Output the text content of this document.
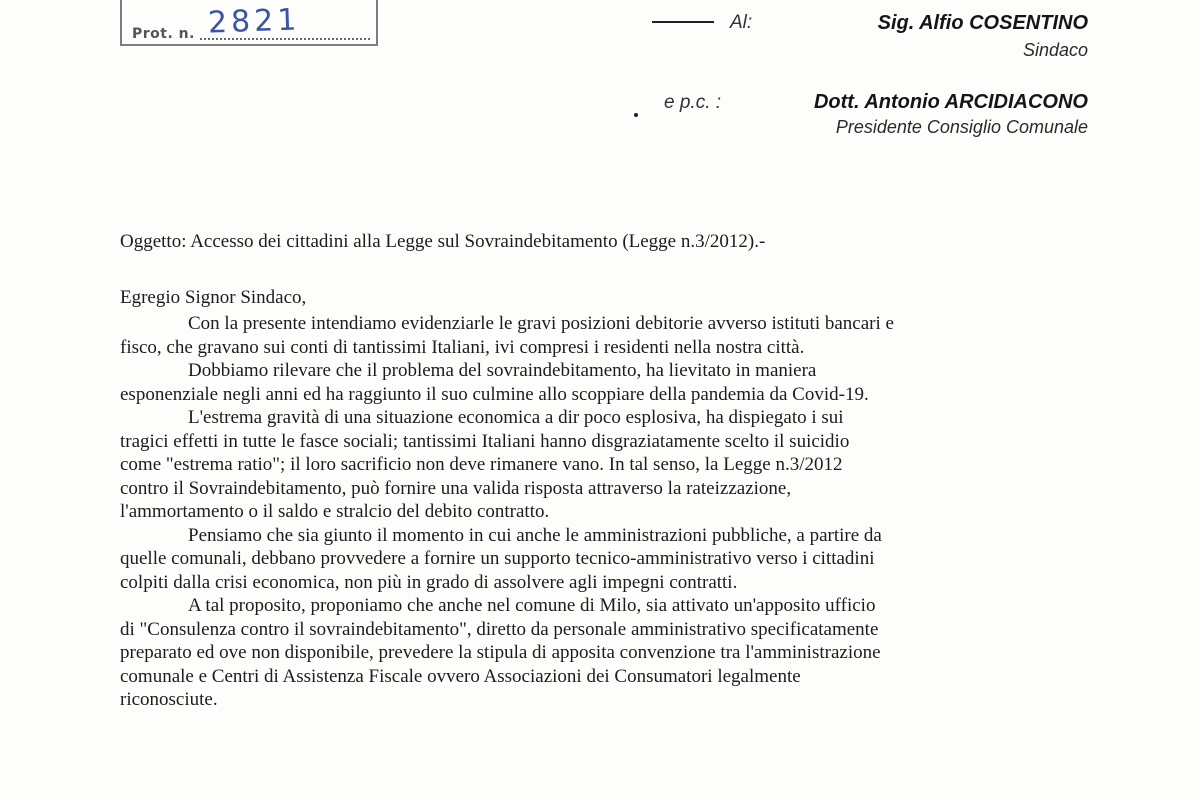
Prot. n. 2821	Al:	Sig. Alfio COSENTINO
Sindaco
e p.c. :	Dott. Antonio ARCIDIACONO
Presidente Consiglio Comunale
Oggetto: Accesso dei cittadini alla Legge sul Sovraindebitamento (Legge n.3/2012).-
Egregio Signor Sindaco,

Con la presente intendiamo evidenziarle le gravi posizioni debitorie avverso istituti bancari e
fisco, che gravano sui conti di tantissimi Italiani, ivi compresi i residenti nella nostra città.

Dobbiamo rilevare che il problema del sovraindebitamento, ha lievitato in maniera
esponenziale negli anni ed ha raggiunto il suo culmine allo scoppiare della pandemia da Covid-19.

L'estrema gravità di una situazione economica a dir poco esplosiva, ha dispiegato i sui
tragici effetti in tutte le fasce sociali; tantissimi Italiani hanno disgraziatamente scelto il suicidio
come "estrema ratio"; il loro sacrificio non deve rimanere vano. In tal senso, la Legge n.3/2012
contro il Sovraindebitamento, può fornire una valida risposta attraverso la rateizzazione,
l'ammortamento o il saldo e stralcio del debito contratto.

Pensiamo che sia giunto il momento in cui anche le amministrazioni pubbliche, a partire da
quelle comunali, debbano provvedere a fornire un supporto tecnico-amministrativo verso i cittadini
colpiti dalla crisi economica, non più in grado di assolvere agli impegni contratti.

A tal proposito, proponiamo che anche nel comune di Milo, sia attivato un'apposito ufficio
di "Consulenza contro il sovraindebitamento", diretto da personale amministrativo specificatamente
preparato ed ove non disponibile, prevedere la stipula di apposita convenzione tra l'amministrazione
comunale e Centri di Assistenza Fiscale ovvero Associazioni dei Consumatori legalmente
riconosciute.
